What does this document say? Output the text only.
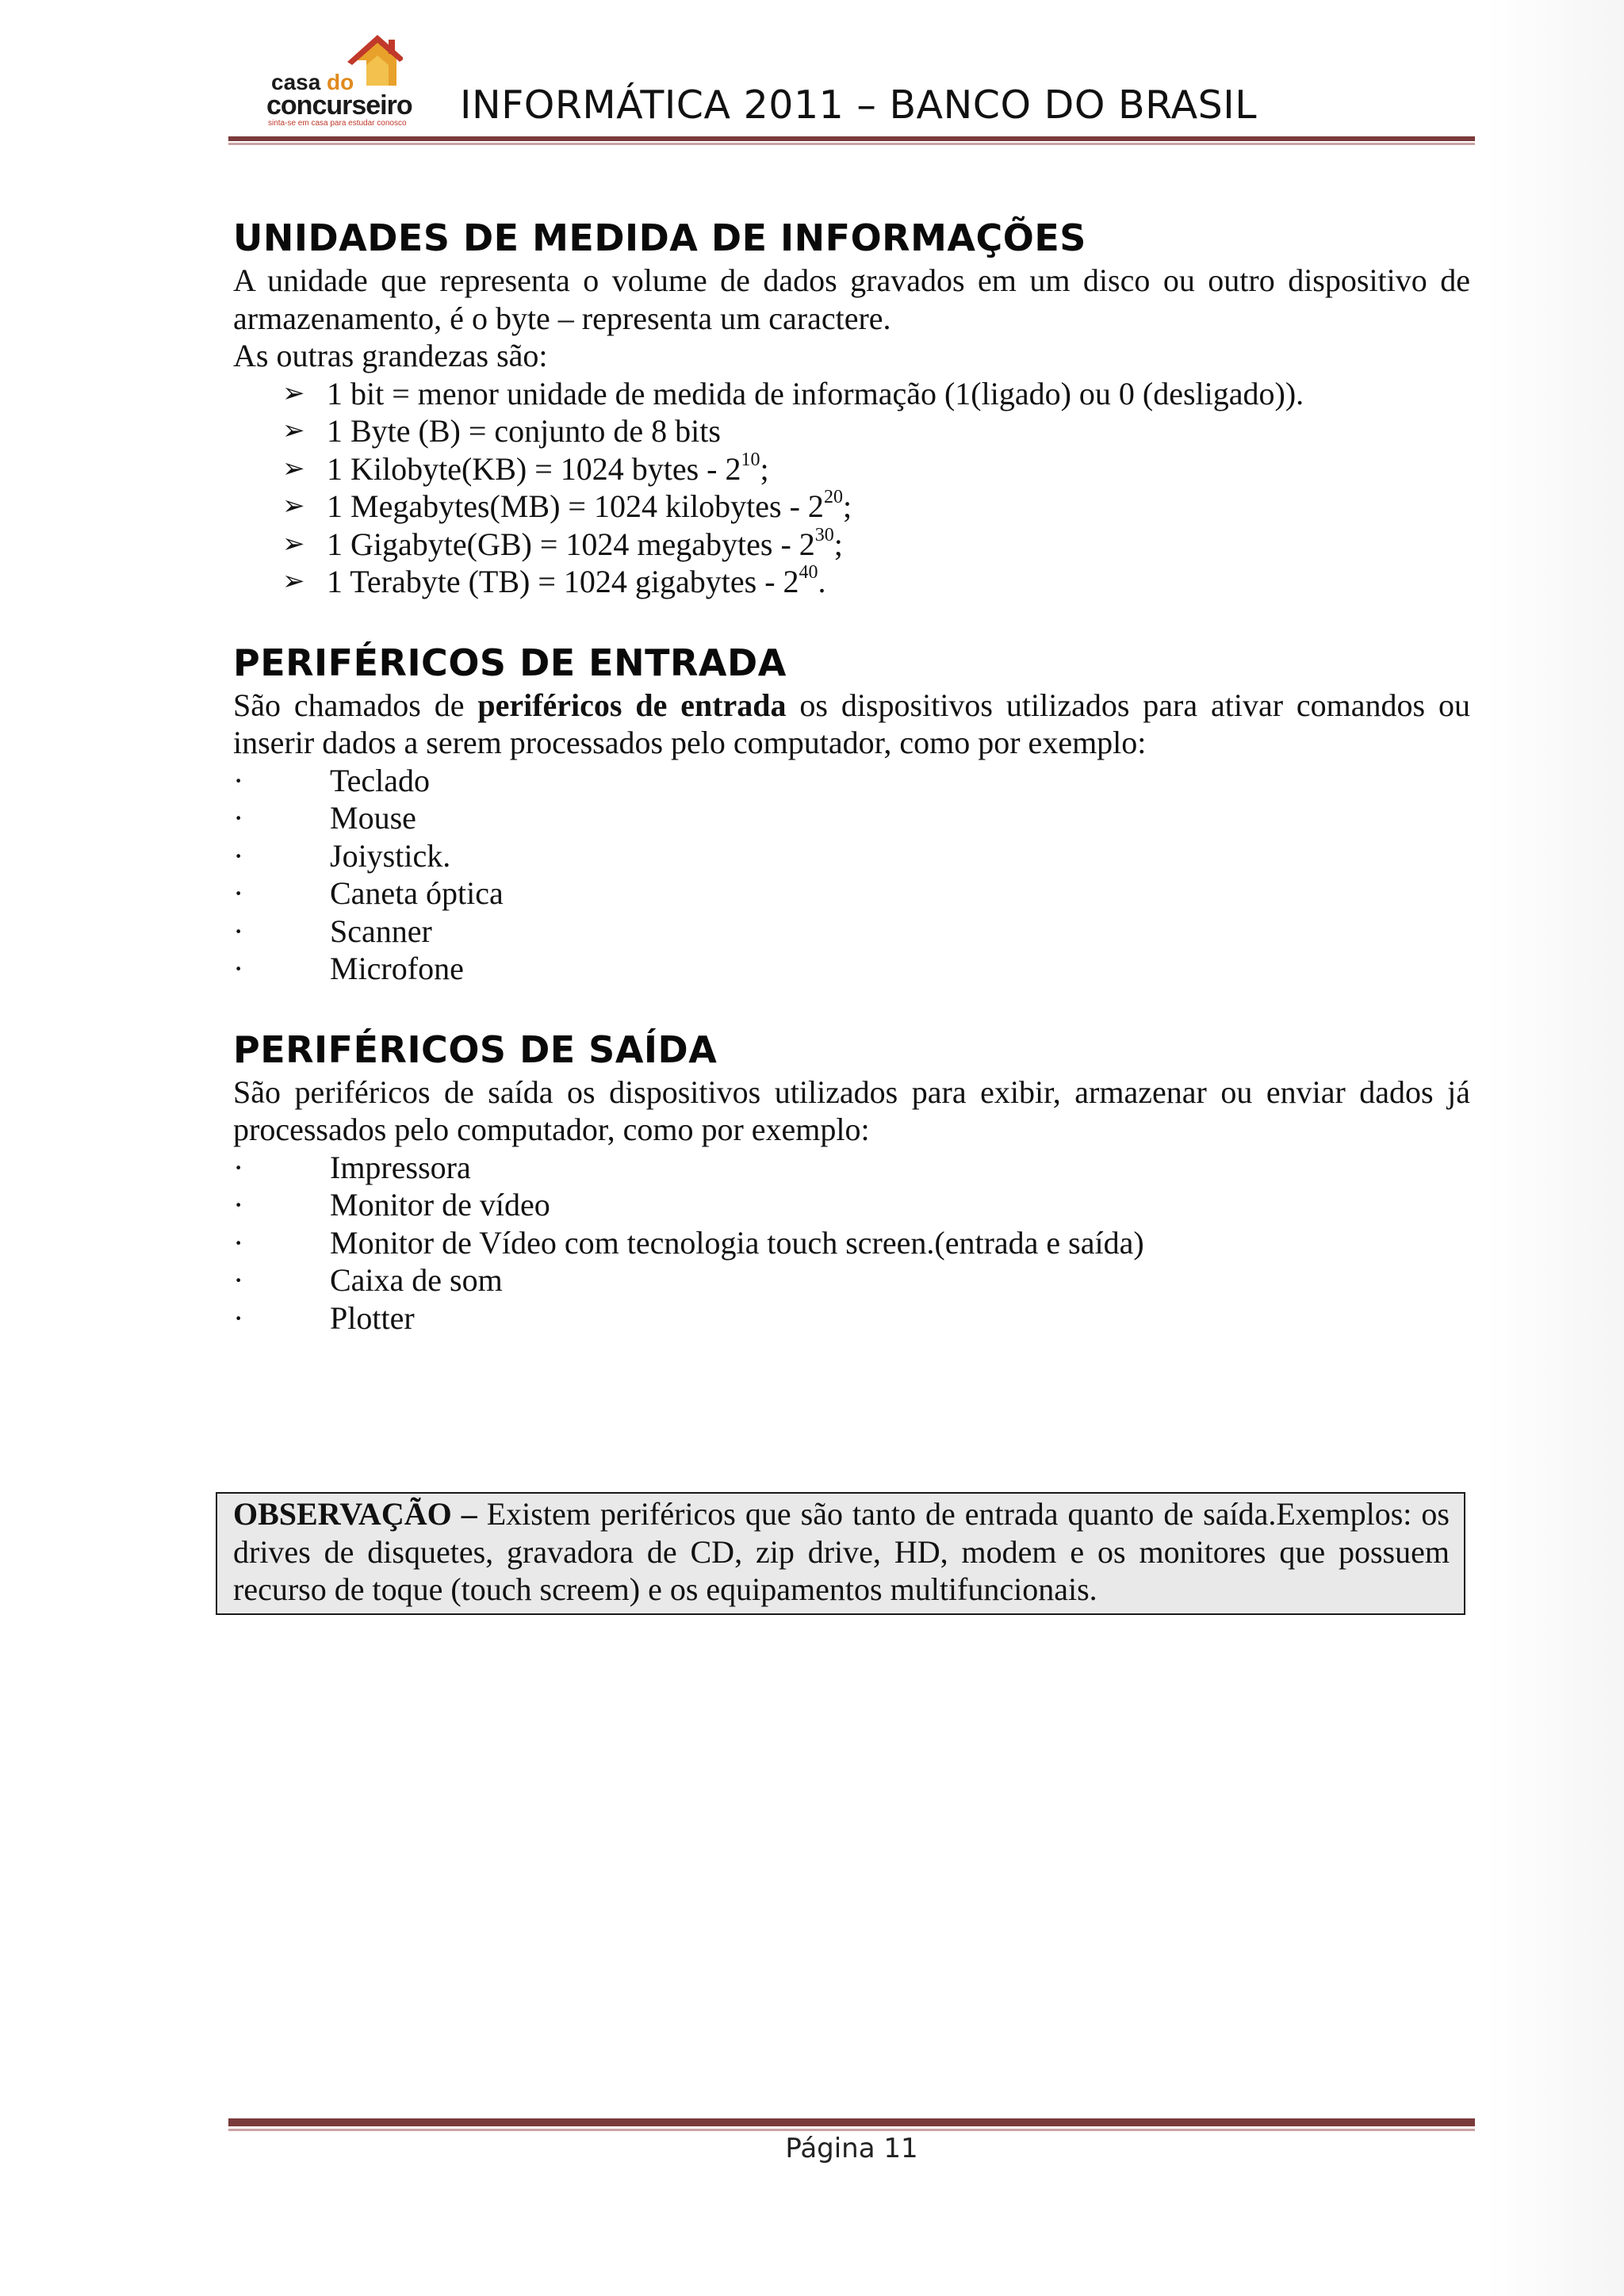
casa do
concurseiro
sinta-se em casa para estudar conosco INFORMÁTICA 2011 – BANCO DO BRASIL
UNIDADES DE MEDIDA DE INFORMAÇÕES

A unidade que representa o volume de dados gravados em um disco ou outro dispositivo de armazenamento, é o byte – representa um caractere.

As outras grandezas são:

➢ 1 bit = menor unidade de medida de informação (1(ligado) ou 0 (desligado)).
➢ 1 Byte (B) = conjunto de 8 bits
➢ 1 Kilobyte(KB) = 1024 bytes - $2^{10}$;
➢ 1 Megabytes(MB) = 1024 kilobytes - $2^{20}$;
➢ 1 Gigabyte(GB) = 1024 megabytes - $2^{30}$;
➢ 1 Terabyte (TB) = 1024 gigabytes - $2^{40}$.
PERIFÉRICOS DE ENTRADA

São chamados de periféricos de entrada os dispositivos utilizados para ativar comandos ou inserir dados a serem processados pelo computador, como por exemplo:

·	Teclado
·	Mouse
·	Joiystick.
·	Caneta óptica
·	Scanner
·	Microfone
PERIFÉRICOS DE SAÍDA

São periféricos de saída os dispositivos utilizados para exibir, armazenar ou enviar dados já processados pelo computador, como por exemplo:

·	Impressora
·	Monitor de vídeo
·	Monitor de Vídeo com tecnologia touch screen.(entrada e saída)
·	Caixa de som
·	Plotter

OBSERVAÇÃO – Existem periféricos que são tanto de entrada quanto de saída.Exemplos: os drives de disquetes, gravadora de CD, zip drive, HD, modem e os monitores que possuem recurso de toque (touch screem) e os equipamentos multifuncionais.

Página 11
